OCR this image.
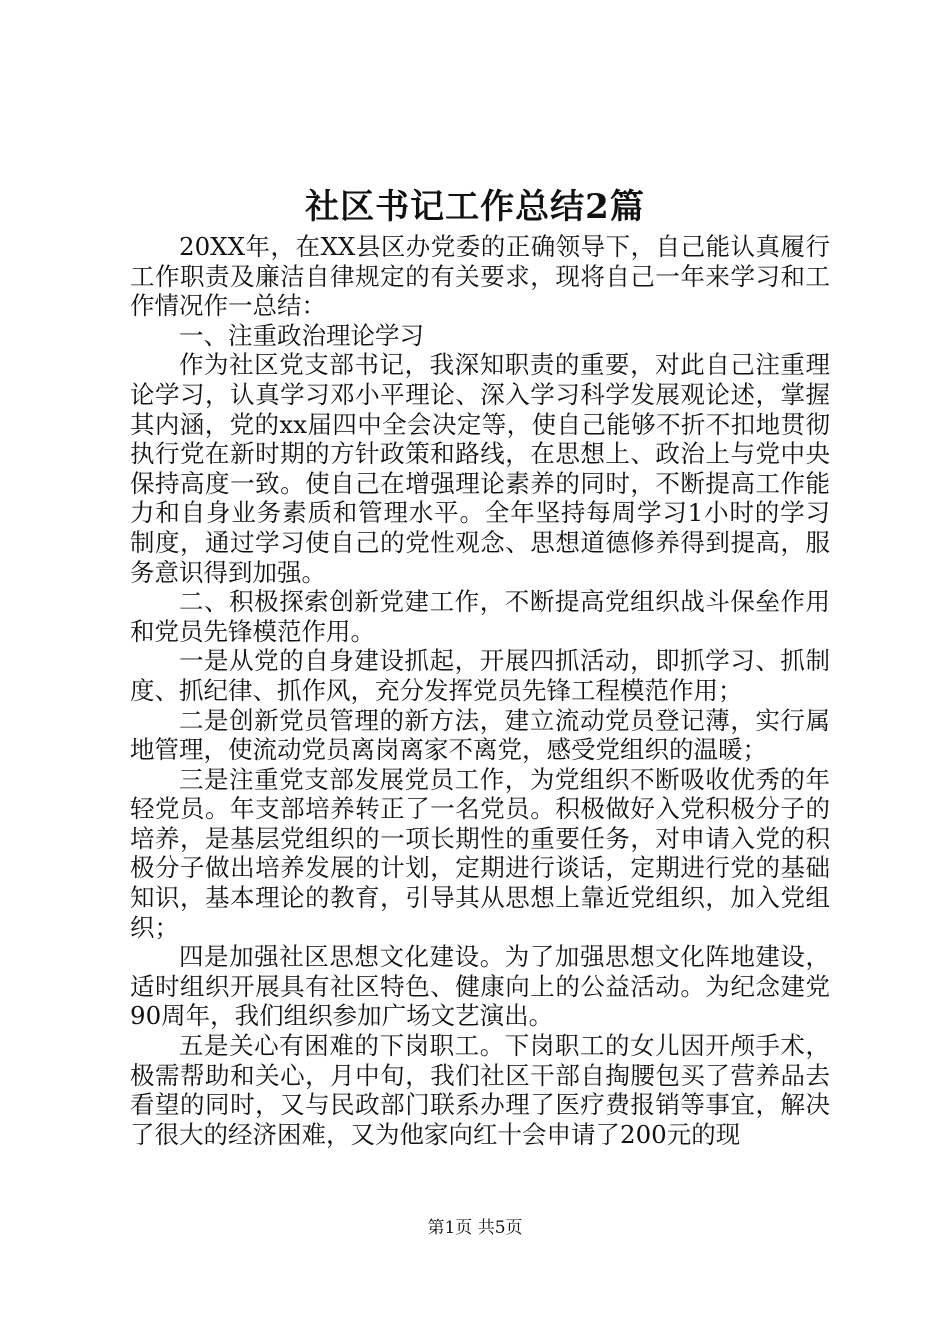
社区书记工作总结2篇

20XX年，在XX县区办党委的正确领导下，自己能认真履行工作职责及廉洁自律规定的有关要求，现将自己一年来学习和工作情况作一总结：

一、注重政治理论学习

作为社区党支部书记，我深知职责的重要，对此自己注重理论学习，认真学习邓小平理论、深入学习科学发展观论述，掌握其内涵，党的xx届四中全会决定等，使自己能够不折不扣地贯彻执行党在新时期的方针政策和路线，在思想上、政治上与党中央保持高度一致。使自己在增强理论素养的同时，不断提高工作能力和自身业务素质和管理水平。全年坚持每周学习1小时的学习制度，通过学习使自己的党性观念、思想道德修养得到提高，服务意识得到加强。

二、积极探索创新党建工作，不断提高党组织战斗保垒作用和党员先锋模范作用。

一是从党的自身建设抓起，开展四抓活动，即抓学习、抓制度、抓纪律、抓作风，充分发挥党员先锋工程模范作用；

二是创新党员管理的新方法，建立流动党员登记薄，实行属地管理，使流动党员离岗离家不离党，感受党组织的温暖；

三是注重党支部发展党员工作，为党组织不断吸收优秀的年轻党员。年支部培养转正了一名党员。积极做好入党积极分子的培养，是基层党组织的一项长期性的重要任务，对申请入党的积极分子做出培养发展的计划，定期进行谈话，定期进行党的基础知识，基本理论的教育，引导其从思想上靠近党组织，加入党组织；

四是加强社区思想文化建设。为了加强思想文化阵地建设，适时组织开展具有社区特色、健康向上的公益活动。为纪念建党90周年，我们组织参加广场文艺演出。

五是关心有困难的下岗职工。下岗职工的女儿因开颅手术，极需帮助和关心，月中旬，我们社区干部自掏腰包买了营养品去看望的同时，又与民政部门联系办理了医疗费报销等事宜，解决了很大的经济困难，又为他家向红十会申请了200元的现

第1页 共5页
